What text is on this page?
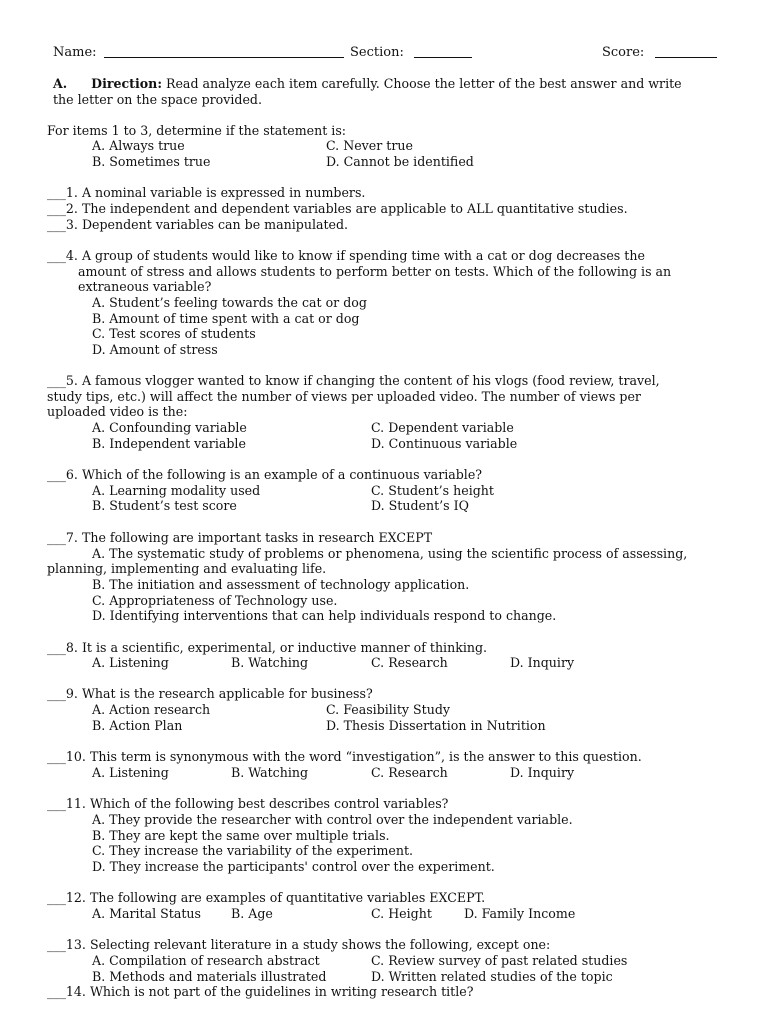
Name:	Section:	Score:
A. Direction: Read analyze each item carefully. Choose the letter of the best answer and write
the letter on the space provided.
For items 1 to 3, determine if the statement is:
A. Always true	C. Never true
B. Sometimes true	D. Cannot be identified
___1. A nominal variable is expressed in numbers.
___2. The independent and dependent variables are applicable to ALL quantitative studies.
___3. Dependent variables can be manipulated.
___4. A group of students would like to know if spending time with a cat or dog decreases the
amount of stress and allows students to perform better on tests. Which of the following is an
extraneous variable?
A. Student’s feeling towards the cat or dog
B. Amount of time spent with a cat or dog
C. Test scores of students
D. Amount of stress
___5. A famous vlogger wanted to know if changing the content of his vlogs (food review, travel,
study tips, etc.) will affect the number of views per uploaded video. The number of views per
uploaded video is the:
A. Confounding variable	C. Dependent variable
B. Independent variable	D. Continuous variable
___6. Which of the following is an example of a continuous variable?
A. Learning modality used	C. Student’s height
B. Student’s test score	D. Student’s IQ
___7. The following are important tasks in research EXCEPT
A. The systematic study of problems or phenomena, using the scientific process of assessing,
planning, implementing and evaluating life.
B. The initiation and assessment of technology application.
C. Appropriateness of Technology use.
D. Identifying interventions that can help individuals respond to change.
___8. It is a scientific, experimental, or inductive manner of thinking.
A. Listening	B. Watching	C. Research	D. Inquiry
___9. What is the research applicable for business?
A. Action research	C. Feasibility Study
B. Action Plan	D. Thesis Dissertation in Nutrition
___10. This term is synonymous with the word “investigation”, is the answer to this question.
A. Listening	B. Watching	C. Research	D. Inquiry
___11. Which of the following best describes control variables?
A. They provide the researcher with control over the independent variable.
B. They are kept the same over multiple trials.
C. They increase the variability of the experiment.
D. They increase the participants' control over the experiment.
___12. The following are examples of quantitative variables EXCEPT.
A. Marital Status B. Age	C. Height	D. Family Income
___13. Selecting relevant literature in a study shows the following, except one:
A. Compilation of research abstract	C. Review survey of past related studies
B. Methods and materials illustrated	D. Written related studies of the topic
___14. Which is not part of the guidelines in writing research title?
